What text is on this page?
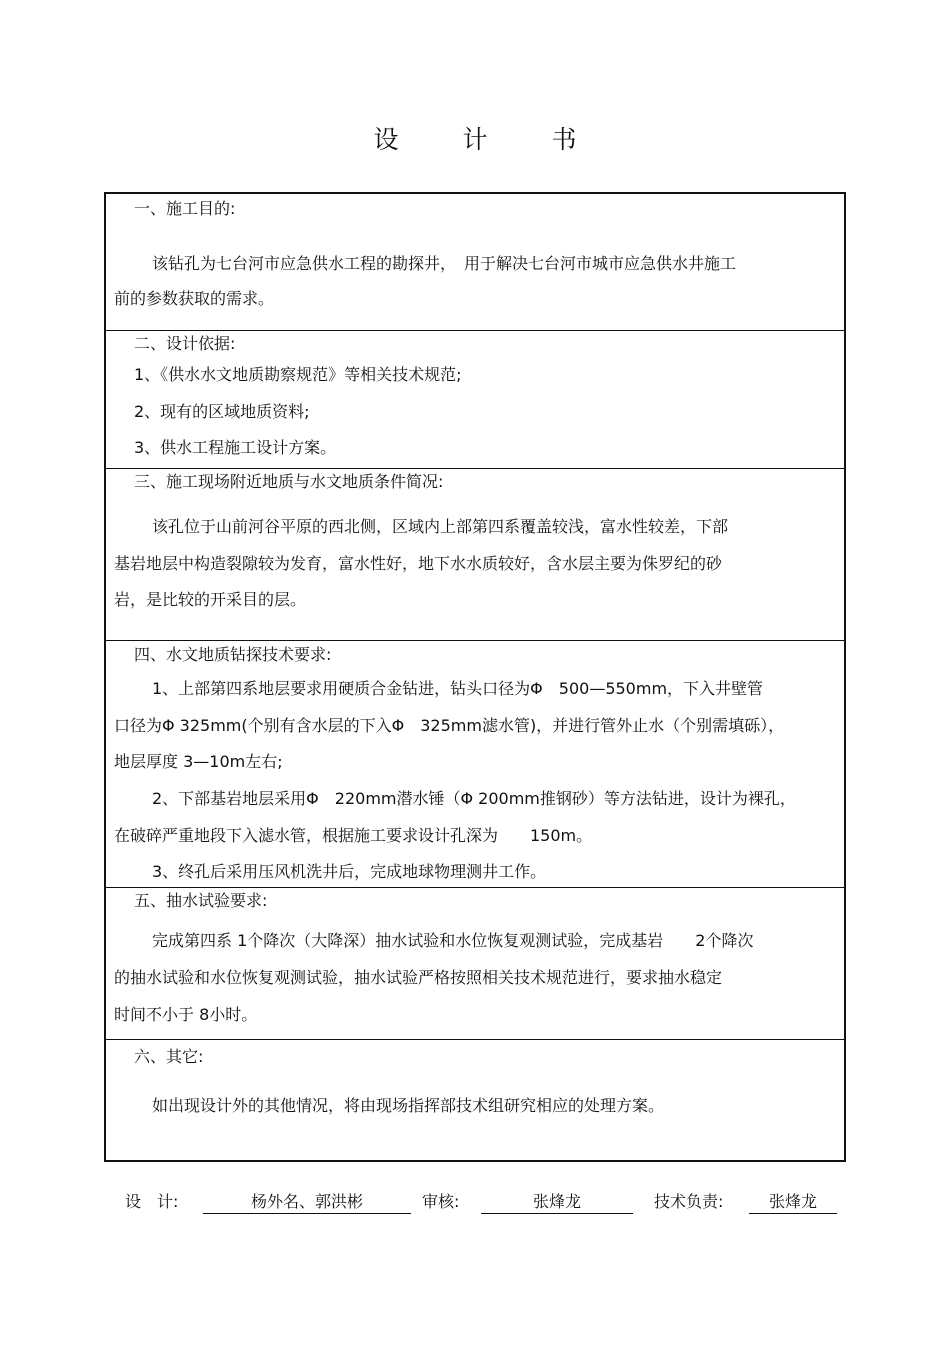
设 计 书
一、施工目的:
该钻孔为七台河市应急供水工程的勘探井，　用于解决七台河市城市应急供水井施工
前的参数获取的需求。
二、设计依据:
1、《供水水文地质勘察规范》等相关技术规范;
2、现有的区域地质资料;
3、供水工程施工设计方案。
三、施工现场附近地质与水文地质条件简况:
该孔位于山前河谷平原的西北侧，区域内上部第四系覆盖较浅，富水性较差，下部
基岩地层中构造裂隙较为发育，富水性好，地下水水质较好，含水层主要为侏罗纪的砂
岩，是比较的开采目的层。
四、水文地质钻探技术要求:
1、上部第四系地层要求用硬质合金钻进，钻头口径为Φ　500—550mm，下入井壁管
口径为Φ 325mm(个别有含水层的下入Φ　325mm滤水管)，并进行管外止水（个别需填砾），
地层厚度 3—10m左右;
2、下部基岩地层采用Φ　220mm潜水锤（Φ 200mm推钢砂）等方法钻进，设计为裸孔，
在破碎严重地段下入滤水管，根据施工要求设计孔深为　　150m。
3、终孔后采用压风机洗井后，完成地球物理测井工作。
五、抽水试验要求:
完成第四系 1个降次（大降深）抽水试验和水位恢复观测试验，完成基岩　　2个降次
的抽水试验和水位恢复观测试验，抽水试验严格按照相关技术规范进行，要求抽水稳定
时间不小于 8小时。
六、其它:
如出现设计外的其他情况，将由现场指挥部技术组研究相应的处理方案。
设　计:	杨外名、郭洪彬	审核:	张烽龙	技术负责:	张烽龙
